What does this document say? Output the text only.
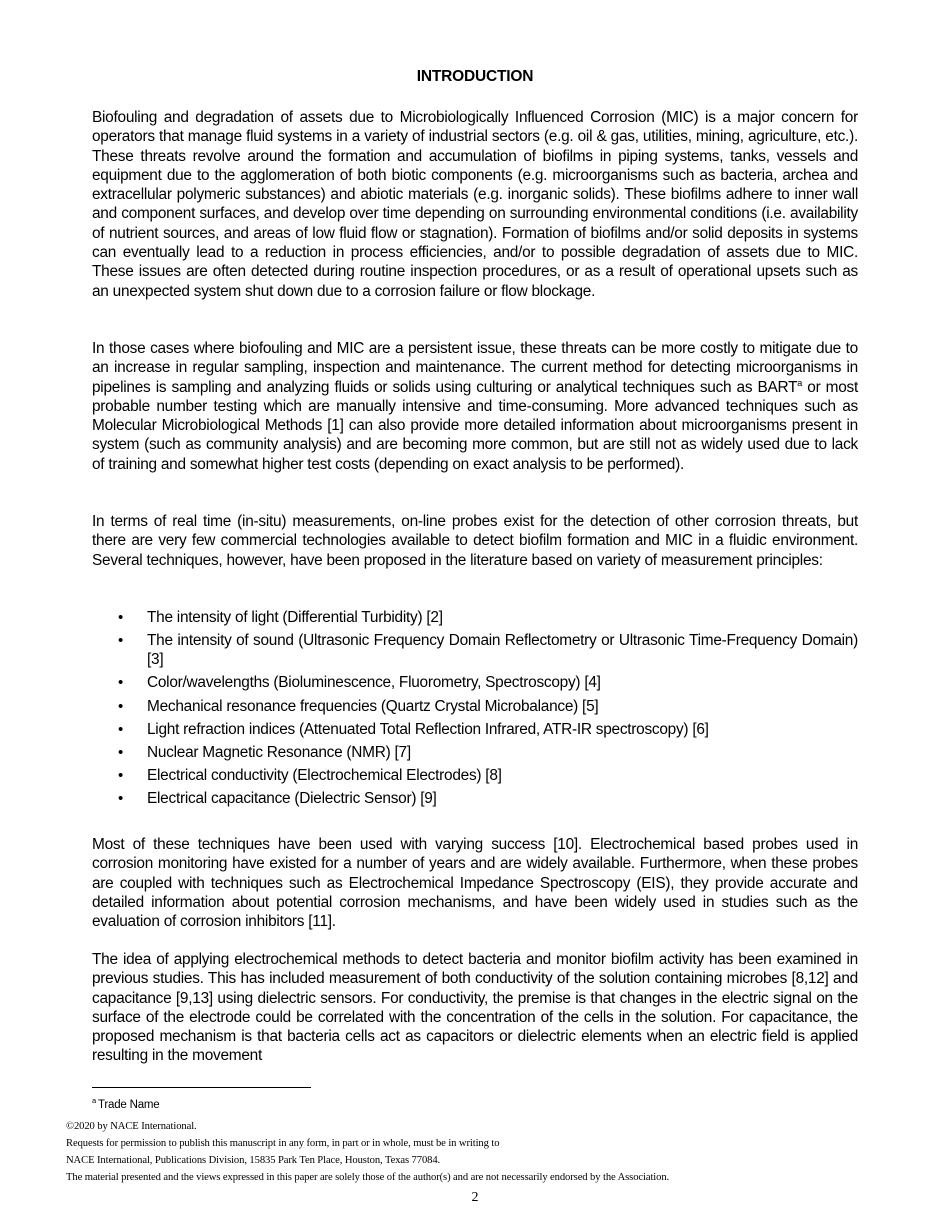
INTRODUCTION

Biofouling and degradation of assets due to Microbiologically Influenced Corrosion (MIC) is a major concern for operators that manage fluid systems in a variety of industrial sectors (e.g. oil & gas, utilities, mining, agriculture, etc.). These threats revolve around the formation and accumulation of biofilms in piping systems, tanks, vessels and equipment due to the agglomeration of both biotic components (e.g. microorganisms such as bacteria, archea and extracellular polymeric substances) and abiotic materials (e.g. inorganic solids). These biofilms adhere to inner wall and component surfaces, and develop over time depending on surrounding environmental conditions (i.e. availability of nutrient sources, and areas of low fluid flow or stagnation). Formation of biofilms and/or solid deposits in systems can eventually lead to a reduction in process efficiencies, and/or to possible degradation of assets due to MIC. These issues are often detected during routine inspection procedures, or as a result of operational upsets such as an unexpected system shut down due to a corrosion failure or flow blockage.

In those cases where biofouling and MIC are a persistent issue, these threats can be more costly to mitigate due to an increase in regular sampling, inspection and maintenance. The current method for detecting microorganisms in pipelines is sampling and analyzing fluids or solids using culturing or analytical techniques such as BART$^a$ or most probable number testing which are manually intensive and time-consuming. More advanced techniques such as Molecular Microbiological Methods [1] can also provide more detailed information about microorganisms present in system (such as community analysis) and are becoming more common, but are still not as widely used due to lack of training and somewhat higher test costs (depending on exact analysis to be performed).

In terms of real time (in-situ) measurements, on-line probes exist for the detection of other corrosion threats, but there are very few commercial technologies available to detect biofilm formation and MIC in a fluidic environment. Several techniques, however, have been proposed in the literature based on variety of measurement principles:

• The intensity of light (Differential Turbidity) [2]
• The intensity of sound (Ultrasonic Frequency Domain Reflectometry or Ultrasonic Time-Frequency Domain) [3]
• Color/wavelengths (Bioluminescence, Fluorometry, Spectroscopy) [4]
• Mechanical resonance frequencies (Quartz Crystal Microbalance) [5]
• Light refraction indices (Attenuated Total Reflection Infrared, ATR-IR spectroscopy) [6]
• Nuclear Magnetic Resonance (NMR) [7]
• Electrical conductivity (Electrochemical Electrodes) [8]
• Electrical capacitance (Dielectric Sensor) [9]

Most of these techniques have been used with varying success [10]. Electrochemical based probes used in corrosion monitoring have existed for a number of years and are widely available. Furthermore, when these probes are coupled with techniques such as Electrochemical Impedance Spectroscopy (EIS), they provide accurate and detailed information about potential corrosion mechanisms, and have been widely used in studies such as the evaluation of corrosion inhibitors [11].

The idea of applying electrochemical methods to detect bacteria and monitor biofilm activity has been examined in previous studies. This has included measurement of both conductivity of the solution containing microbes [8,12] and capacitance [9,13] using dielectric sensors. For conductivity, the premise is that changes in the electric signal on the surface of the electrode could be correlated with the concentration of the cells in the solution. For capacitance, the proposed mechanism is that bacteria cells act as capacitors or dielectric elements when an electric field is applied resulting in the movement

$^a$ Trade Name
©2020 by NACE International.
Requests for permission to publish this manuscript in any form, in part or in whole, must be in writing to
NACE International, Publications Division, 15835 Park Ten Place, Houston, Texas 77084.
The material presented and the views expressed in this paper are solely those of the author(s) and are not necessarily endorsed by the Association.
2
